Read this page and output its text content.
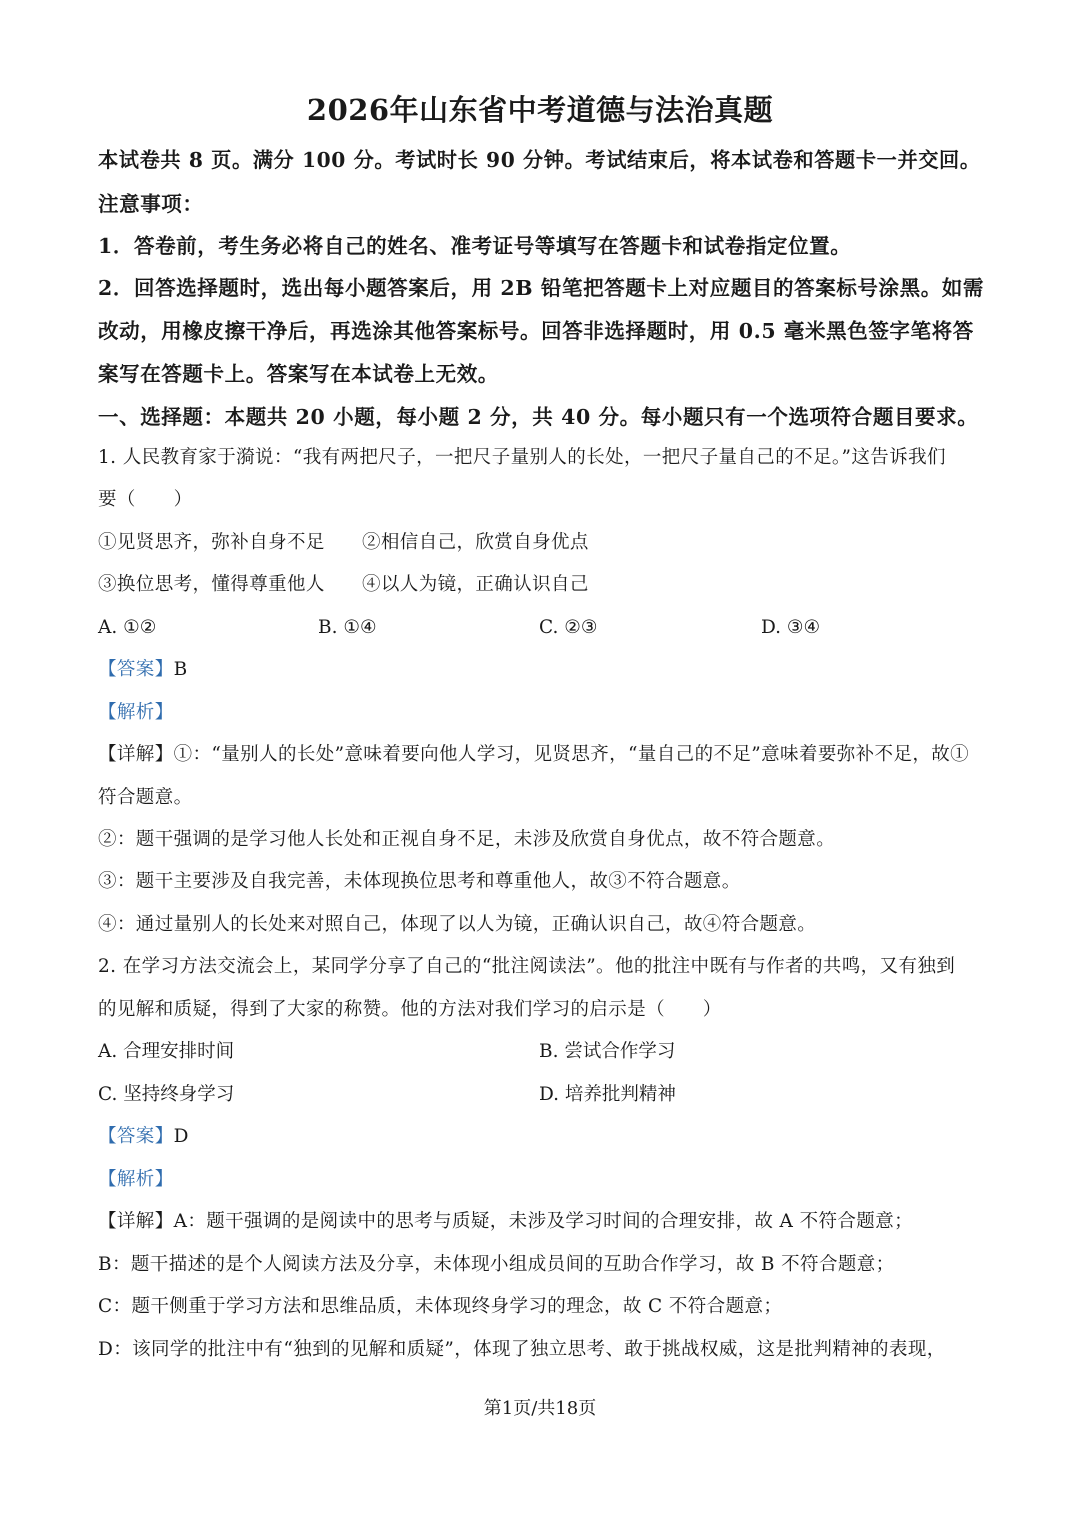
2026年山东省中考道德与法治真题
本试卷共 8 页。满分 100 分。考试时长 90 分钟。考试结束后，将本试卷和答题卡一并交回。
注意事项：
1．答卷前，考生务必将自己的姓名、准考证号等填写在答题卡和试卷指定位置。
2．回答选择题时，选出每小题答案后，用 2B 铅笔把答题卡上对应题目的答案标号涂黑。如需
改动，用橡皮擦干净后，再选涂其他答案标号。回答非选择题时，用 0.5 毫米黑色签字笔将答
案写在答题卡上。答案写在本试卷上无效。
一、选择题：本题共 20 小题，每小题 2 分，共 40 分。每小题只有一个选项符合题目要求。
1. 人民教育家于漪说：“我有两把尺子，一把尺子量别人的长处，一把尺子量自己的不足。”这告诉我们
要（　　）
①见贤思齐，弥补自身不足 ②相信自己，欣赏自身优点
③换位思考，懂得尊重他人 ④以人为镜，正确认识自己
A. ①②	B. ①④	C. ②③	D. ③④
【答案】B
【解析】
【详解】①：“量别人的长处”意味着要向他人学习，见贤思齐，“量自己的不足”意味着要弥补不足，故①
符合题意。
②：题干强调的是学习他人长处和正视自身不足，未涉及欣赏自身优点，故不符合题意。
③：题干主要涉及自我完善，未体现换位思考和尊重他人，故③不符合题意。
④：通过量别人的长处来对照自己，体现了以人为镜，正确认识自己，故④符合题意。
2. 在学习方法交流会上，某同学分享了自己的“批注阅读法”。他的批注中既有与作者的共鸣，又有独到
的见解和质疑，得到了大家的称赞。他的方法对我们学习的启示是（　　）
A. 合理安排时间	B. 尝试合作学习
C. 坚持终身学习	D. 培养批判精神
【答案】D
【解析】
【详解】A：题干强调的是阅读中的思考与质疑，未涉及学习时间的合理安排，故 A 不符合题意；
B：题干描述的是个人阅读方法及分享，未体现小组成员间的互助合作学习，故 B 不符合题意；
C：题干侧重于学习方法和思维品质，未体现终身学习的理念，故 C 不符合题意；
D：该同学的批注中有“独到的见解和质疑”，体现了独立思考、敢于挑战权威，这是批判精神的表现，
第1页/共18页
